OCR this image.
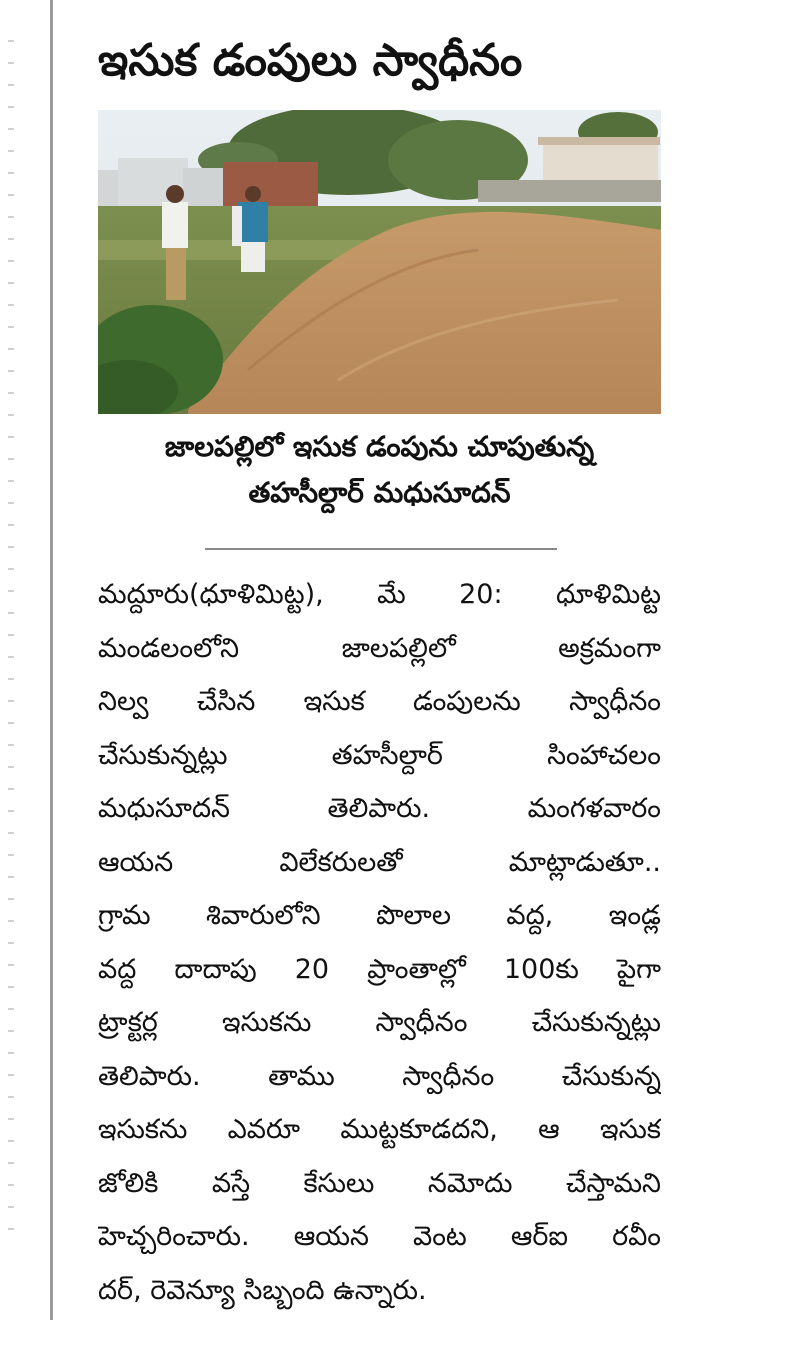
ఇసుక డంపులు స్వాధీనం
జాలపల్లిలో ఇసుక డంపును చూపుతున్న
తహసీల్దార్ మధుసూదన్
మద్దూరు(ధూళిమిట్ట), మే 20: ధూళిమిట్ట
మండలంలోని జాలపల్లిలో అక్రమంగా
నిల్వ చేసిన ఇసుక డంపులను స్వాధీనం
చేసుకున్నట్లు తహసీల్దార్ సింహాచలం
మధుసూదన్ తెలిపారు. మంగళవారం
ఆయన విలేకరులతో మాట్లాడుతూ..
గ్రామ శివారులోని పొలాల వద్ద, ఇండ్ల
వద్ద దాదాపు 20 ప్రాంతాల్లో 100కు పైగా
ట్రాక్టర్ల ఇసుకను స్వాధీనం చేసుకున్నట్లు
తెలిపారు. తాము స్వాధీనం చేసుకున్న
ఇసుకను ఎవరూ ముట్టకూడదని, ఆ ఇసుక
జోలికి వస్తే కేసులు నమోదు చేస్తామని
హెచ్చరించారు. ఆయన వెంట ఆర్ఐ రవీం
దర్, రెవెన్యూ సిబ్బంది ఉన్నారు.
